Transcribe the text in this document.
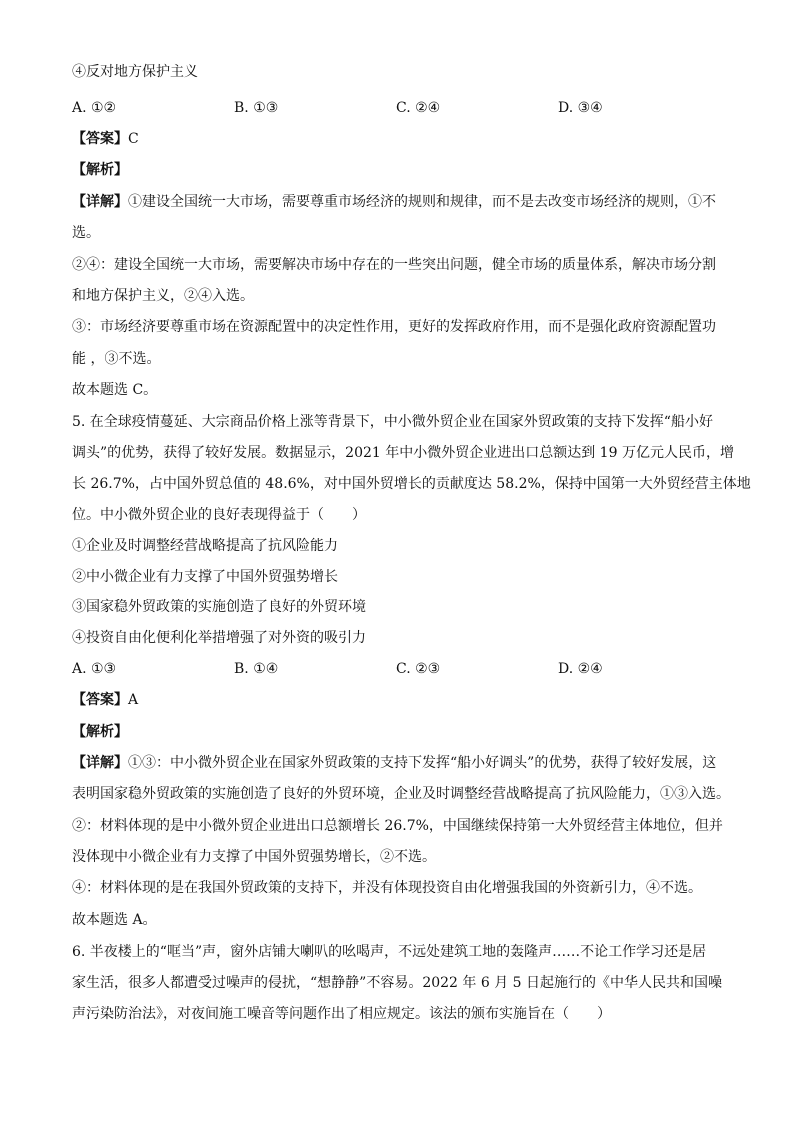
④反对地方保护主义
A. ①②	B. ①③	C. ②④	D. ③④
【答案】C
【解析】
【详解】①建设全国统一大市场，需要尊重市场经济的规则和规律，而不是去改变市场经济的规则，①不
选。
②④：建设全国统一大市场，需要解决市场中存在的一些突出问题，健全市场的质量体系，解决市场分割
和地方保护主义，②④入选。
③：市场经济要尊重市场在资源配置中的决定性作用，更好的发挥政府作用，而不是强化政府资源配置功
能 ，③不选。
故本题选 C。
5. 在全球疫情蔓延、大宗商品价格上涨等背景下，中小微外贸企业在国家外贸政策的支持下发挥“船小好
调头”的优势，获得了较好发展。数据显示，2021 年中小微外贸企业进出口总额达到 19 万亿元人民币，增
长 26.7%，占中国外贸总值的 48.6%，对中国外贸增长的贡献度达 58.2%，保持中国第一大外贸经营主体地
位。中小微外贸企业的良好表现得益于（　　）
①企业及时调整经营战略提高了抗风险能力
②中小微企业有力支撑了中国外贸强势增长
③国家稳外贸政策的实施创造了良好的外贸环境
④投资自由化便利化举措增强了对外资的吸引力
A. ①③	B. ①④	C. ②③	D. ②④
【答案】A
【解析】
【详解】①③：中小微外贸企业在国家外贸政策的支持下发挥“船小好调头”的优势，获得了较好发展，这
表明国家稳外贸政策的实施创造了良好的外贸环境，企业及时调整经营战略提高了抗风险能力，①③入选。
②：材料体现的是中小微外贸企业进出口总额增长 26.7%，中国继续保持第一大外贸经营主体地位，但并
没体现中小微企业有力支撑了中国外贸强势增长，②不选。
④：材料体现的是在我国外贸政策的支持下，并没有体现投资自由化增强我国的外资新引力，④不选。
故本题选 A。
6. 半夜楼上的“哐当”声，窗外店铺大喇叭的吆喝声，不远处建筑工地的轰隆声……不论工作学习还是居
家生活，很多人都遭受过噪声的侵扰，“想静静”不容易。2022 年 6 月 5 日起施行的《中华人民共和国噪
声污染防治法》，对夜间施工噪音等问题作出了相应规定。该法的颁布实施旨在（　　）
